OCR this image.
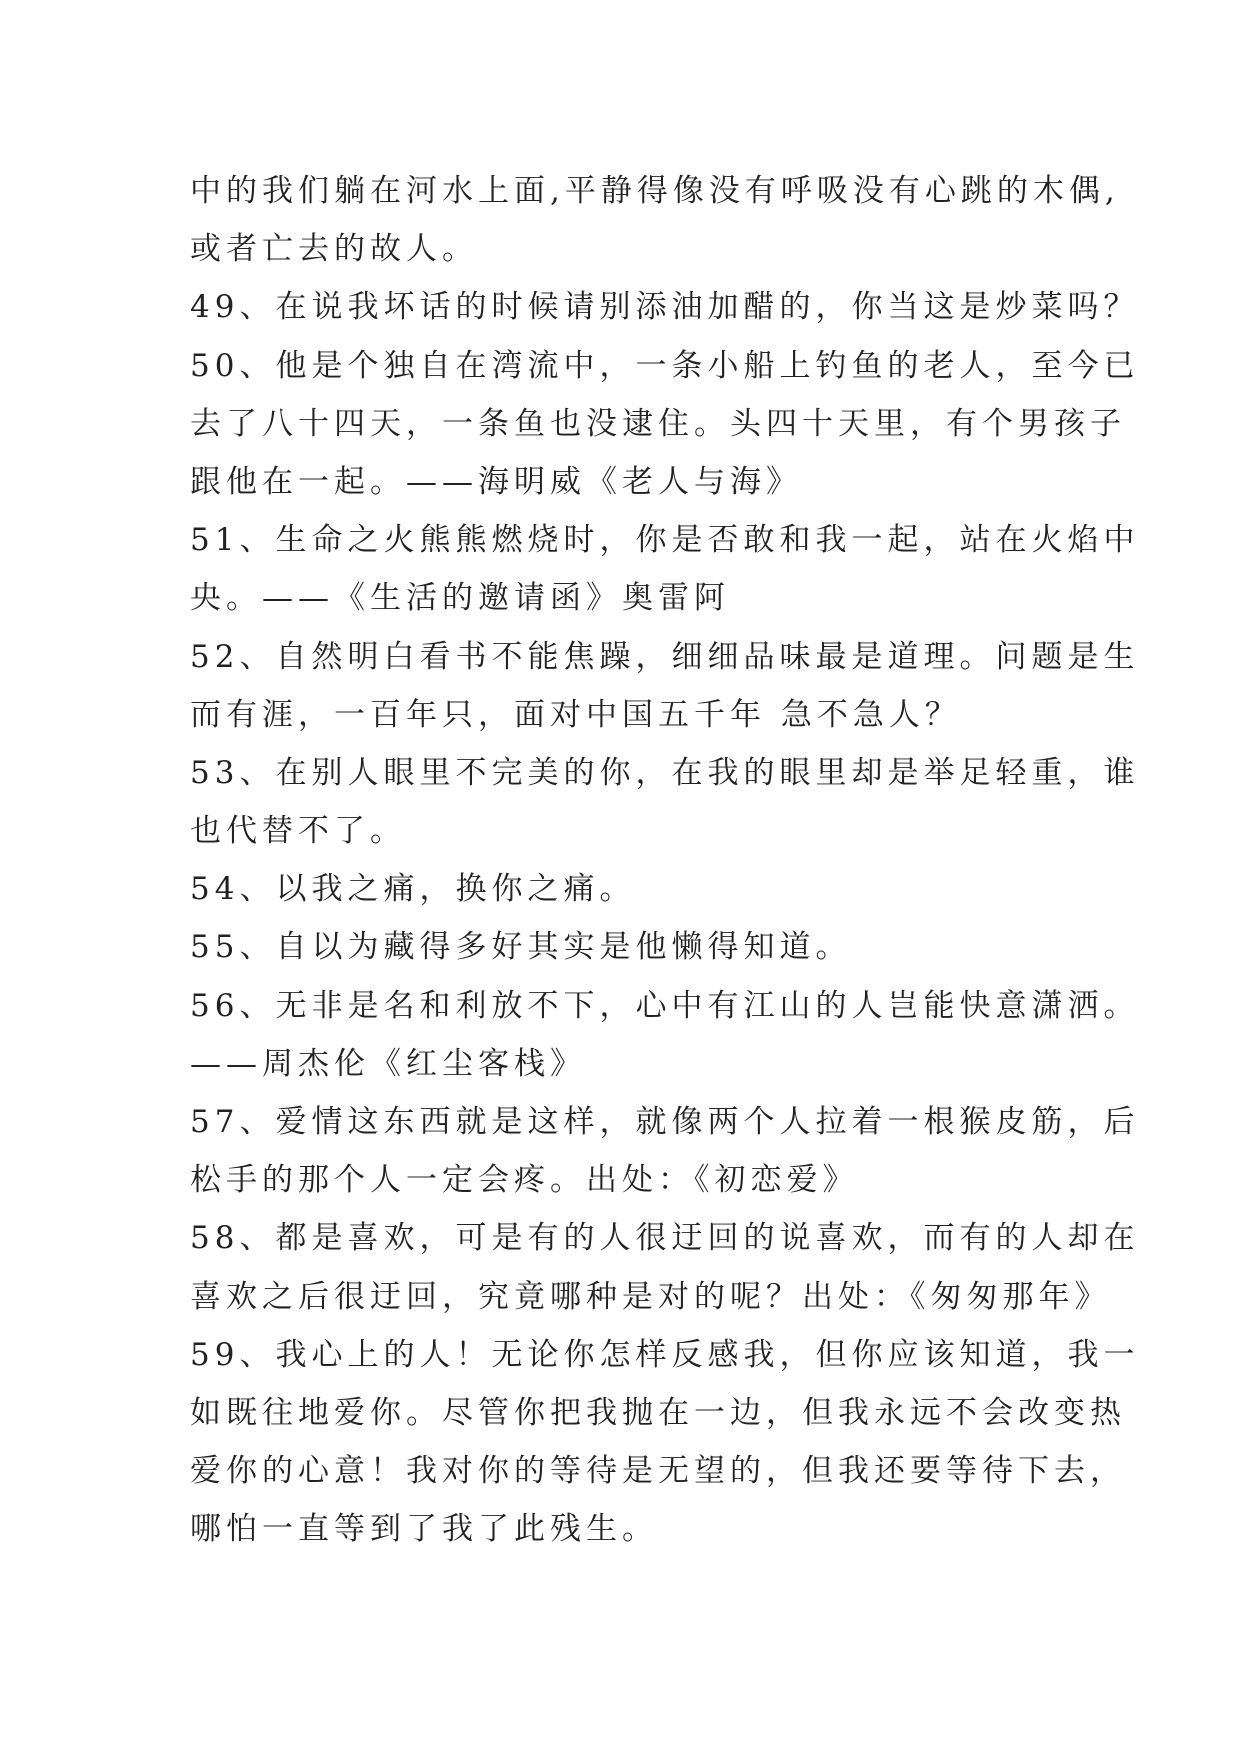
中的我们躺在河水上面,平静得像没有呼吸没有心跳的木偶,
或者亡去的故人。
49、在说我坏话的时候请别添油加醋的，你当这是炒菜吗？
50、他是个独自在湾流中，一条小船上钓鱼的老人，至今已
去了八十四天，一条鱼也没逮住。头四十天里，有个男孩子
跟他在一起。——海明威《老人与海》
51、生命之火熊熊燃烧时，你是否敢和我一起，站在火焰中
央。——《生活的邀请函》奥雷阿
52、自然明白看书不能焦躁，细细品味最是道理。问题是生
而有涯，一百年只，面对中国五千年 急不急人？
53、在别人眼里不完美的你，在我的眼里却是举足轻重，谁
也代替不了。
54、以我之痛，换你之痛。
55、自以为藏得多好其实是他懒得知道。
56、无非是名和利放不下，心中有江山的人岂能快意潇洒。
——周杰伦《红尘客栈》
57、爱情这东西就是这样，就像两个人拉着一根猴皮筋，后
松手的那个人一定会疼。出处：《初恋爱》
58、都是喜欢，可是有的人很迂回的说喜欢，而有的人却在
喜欢之后很迂回，究竟哪种是对的呢？出处：《匆匆那年》
59、我心上的人！无论你怎样反感我，但你应该知道，我一
如既往地爱你。尽管你把我抛在一边，但我永远不会改变热
爱你的心意！我对你的等待是无望的，但我还要等待下去，
哪怕一直等到了我了此残生。
